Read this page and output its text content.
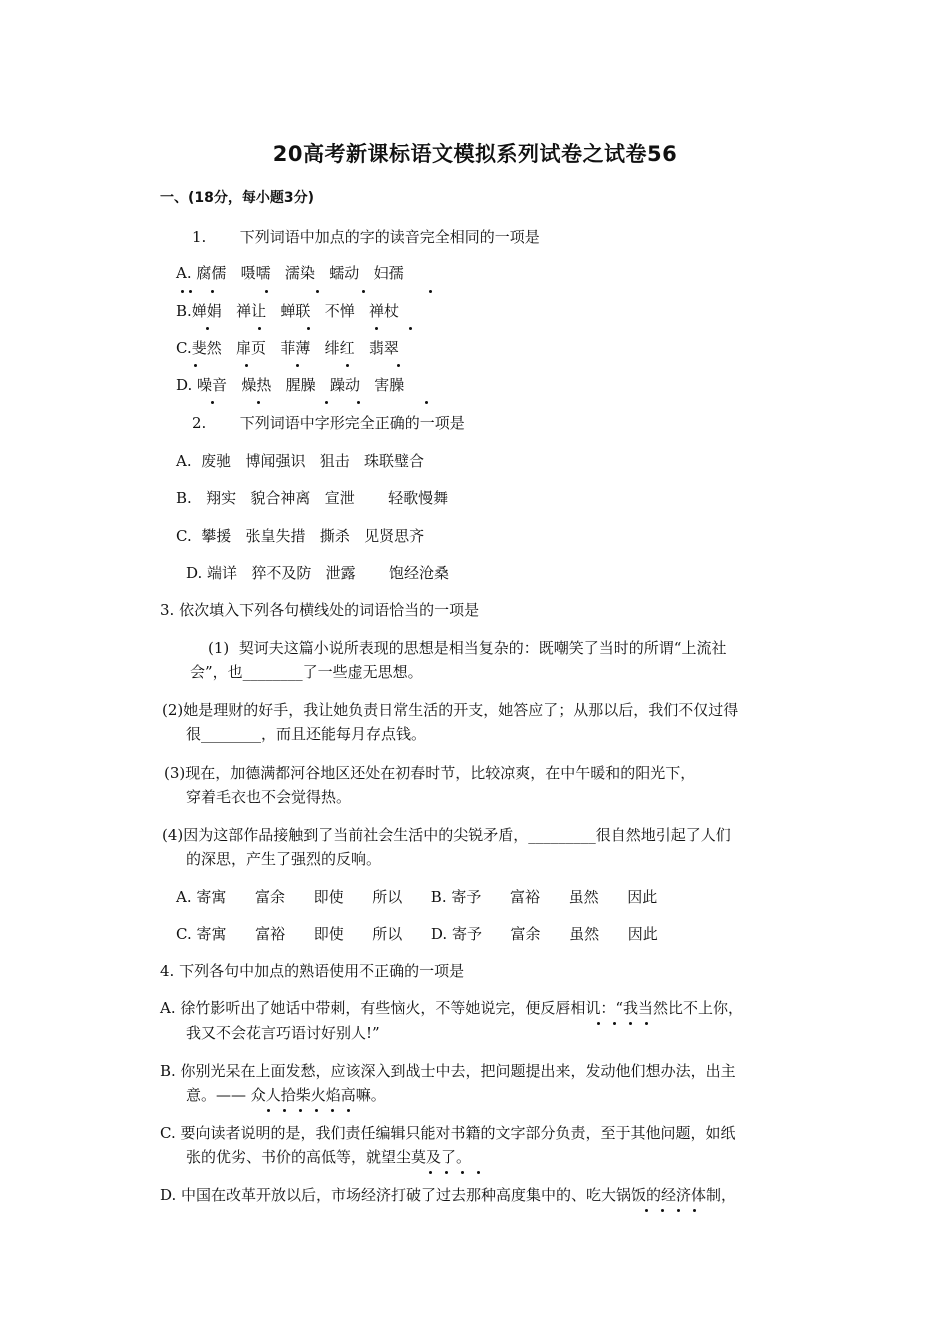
20高考新课标语文模拟系列试卷之试卷56
一、(18分，每小题3分)
1.       下列词语中加点的字的读音完全相同的一项是
A. 腐儒   嗫嚅   濡染   蠕动   妇孺
B.婵娟   禅让   蝉联   不惮   禅杖
C.斐然   扉页   菲薄   绯红   翡翠
D. 噪音   燥热   腥臊   躁动   害臊
2.       下列词语中字形完全正确的一项是
A.  废驰   博闻强识   狙击   珠联璧合
B.   翔实   貌合神离   宣泄       轻歌慢舞
C.  攀援   张皇失措   撕杀   见贤思齐
D. 端详   猝不及防   泄露       饱经沧桑
3. 依次填入下列各句横线处的词语恰当的一项是
(1)  契诃夫这篇小说所表现的思想是相当复杂的：既嘲笑了当时的所谓“上流社
会”，也________了一些虚无思想。
(2)她是理财的好手，我让她负责日常生活的开支，她答应了；从那以后，我们不仅过得
很________，而且还能每月存点钱。
(3)现在，加德满都河谷地区还处在初春时节，比较凉爽，在中午暖和的阳光下，
穿着毛衣也不会觉得热。
(4)因为这部作品接触到了当前社会生活中的尖锐矛盾，_________很自然地引起了人们
的深思，产生了强烈的反响。
A. 寄寓      富余      即使      所以      B. 寄予      富裕      虽然      因此
C. 寄寓      富裕      即使      所以      D. 寄予      富余      虽然      因此
4. 下列各句中加点的熟语使用不正确的一项是
A. 徐竹影听出了她话中带刺，有些恼火，不等她说完，便反唇相讥：“我当然比不上你，
我又不会花言巧语讨好别人!”
B. 你别光呆在上面发愁，应该深入到战士中去，把问题提出来，发动他们想办法，出主
意。—— 众人拾柴火焰高嘛。
C. 要向读者说明的是，我们责任编辑只能对书籍的文字部分负责，至于其他问题，如纸
张的优劣、书价的高低等，就望尘莫及了。
D. 中国在改革开放以后，市场经济打破了过去那种高度集中的、吃大锅饭的经济体制，
